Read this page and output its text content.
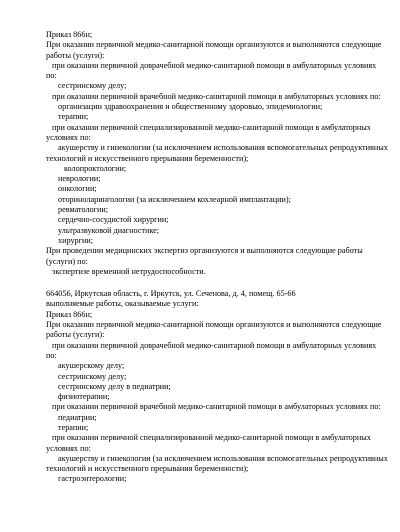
Приказ 866н;
При оказании первичной медико-санитарной помощи организуются и выполняются следующие
работы (услуги):
при оказании первичной доврачебной медико-санитарной помощи в амбулаторных условиях
по:
сестринскому делу;
при оказании первичной врачебной медико-санитарной помощи в амбулаторных условиях по:
организации здравоохранения и общественному здоровью, эпидемиологии;
терапии;
при оказании первичной специализированной медико-санитарной помощи в амбулаторных
условиях по:
акушерству и гинекологии (за исключением использования вспомогательных репродуктивных
технологий и искусственного прерывания беременности);
колопроктологии;
неврологии;
онкологии;
оториноларингологии (за исключением кохлеарной имплантации);
ревматологии;
сердечно-сосудистой хирургии;
ультразвуковой диагностике;
хирургии;
При проведении медицинских экспертиз организуются и выполняются следующие работы
(услуги) по:
экспертизе временной нетрудоспособности.
664056, Иркутская область, г. Иркутск, ул. Сеченова, д. 4, помещ. 65-66
выполняемые работы, оказываемые услуги:
Приказ 866н;
При оказании первичной медико-санитарной помощи организуются и выполняются следующие
работы (услуги):
при оказании первичной доврачебной медико-санитарной помощи в амбулаторных условиях
по:
акушерскому делу;
сестринскому делу;
сестринскому делу в педиатрии;
физиотерапии;
при оказании первичной врачебной медико-санитарной помощи в амбулаторных условиях по:
педиатрии;
терапии;
при оказании первичной специализированной медико-санитарной помощи в амбулаторных
условиях по:
акушерству и гинекологии (за исключением использования вспомогательных репродуктивных
технологий и искусственного прерывания беременности);
гастроэнтерологии;
